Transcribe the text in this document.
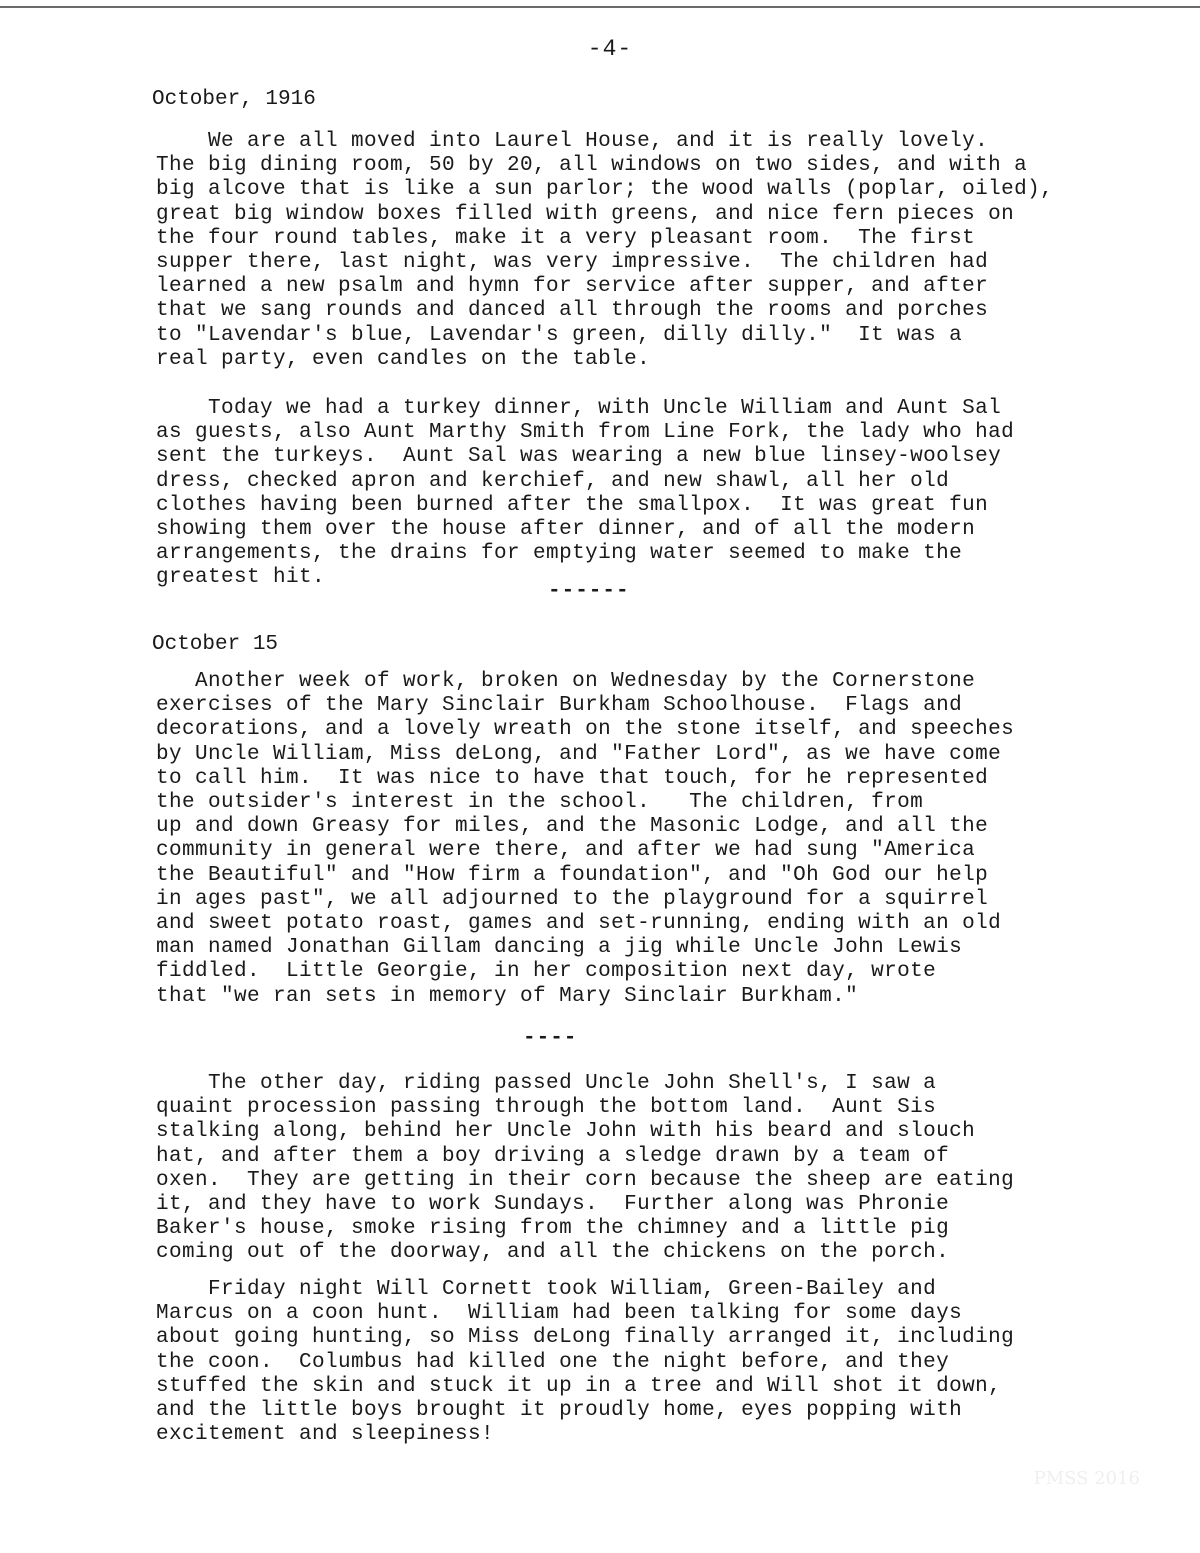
-4-
October, 1916

We are all moved into Laurel House, and it is really lovely.
The big dining room, 50 by 20, all windows on two sides, and with a
big alcove that is like a sun parlor; the wood walls (poplar, oiled),
great big window boxes filled with greens, and nice fern pieces on
the four round tables, make it a very pleasant room.  The first
supper there, last night, was very impressive.  The children had
learned a new psalm and hymn for service after supper, and after
that we sang rounds and danced all through the rooms and porches
to "Lavendar's blue, Lavendar's green, dilly dilly."  It was a
real party, even candles on the table.

Today we had a turkey dinner, with Uncle William and Aunt Sal
as guests, also Aunt Marthy Smith from Line Fork, the lady who had
sent the turkeys.  Aunt Sal was wearing a new blue linsey-woolsey
dress, checked apron and kerchief, and new shawl, all her old
clothes having been burned after the smallpox.  It was great fun
showing them over the house after dinner, and of all the modern
arrangements, the drains for emptying water seemed to make the
greatest hit.

------
October 15

Another week of work, broken on Wednesday by the Cornerstone
exercises of the Mary Sinclair Burkham Schoolhouse.  Flags and
decorations, and a lovely wreath on the stone itself, and speeches
by Uncle William, Miss deLong, and "Father Lord", as we have come
to call him.  It was nice to have that touch, for he represented
the outsider's interest in the school.   The children, from
up and down Greasy for miles, and the Masonic Lodge, and all the
community in general were there, and after we had sung "America
the Beautiful" and "How firm a foundation", and "Oh God our help
in ages past", we all adjourned to the playground for a squirrel
and sweet potato roast, games and set-running, ending with an old
man named Jonathan Gillam dancing a jig while Uncle John Lewis
fiddled.  Little Georgie, in her composition next day, wrote
that "we ran sets in memory of Mary Sinclair Burkham."

----

The other day, riding passed Uncle John Shell's, I saw a
quaint procession passing through the bottom land.  Aunt Sis
stalking along, behind her Uncle John with his beard and slouch
hat, and after them a boy driving a sledge drawn by a team of
oxen.  They are getting in their corn because the sheep are eating
it, and they have to work Sundays.  Further along was Phronie
Baker's house, smoke rising from the chimney and a little pig
coming out of the doorway, and all the chickens on the porch.

Friday night Will Cornett took William, Green-Bailey and
Marcus on a coon hunt.  William had been talking for some days
about going hunting, so Miss deLong finally arranged it, including
the coon.  Columbus had killed one the night before, and they
stuffed the skin and stuck it up in a tree and Will shot it down,
and the little boys brought it proudly home, eyes popping with
excitement and sleepiness!

PMSS 2016
